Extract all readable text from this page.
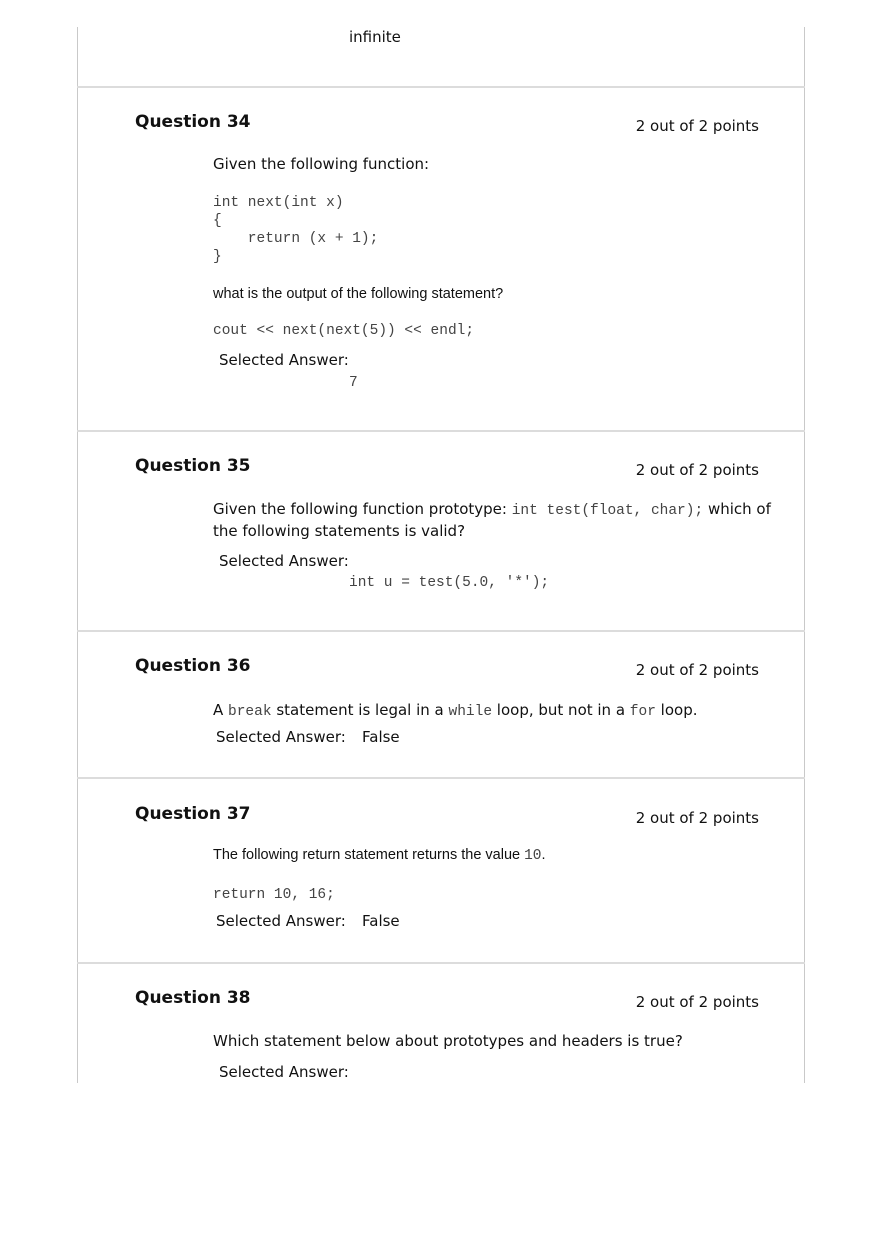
infinite
Question 34	2 out of 2 points
Given the following function:
int next(int x)
{
return (x + 1);
}
what is the output of the following statement?
cout << next(next(5)) << endl;
Selected Answer:
7
Question 35	2 out of 2 points
Given the following function prototype: int test(float, char); which of
the following statements is valid?
Selected Answer:
int u = test(5.0, '*');
Question 36	2 out of 2 points
A break statement is legal in a while loop, but not in a for loop.
Selected Answer: False
Question 37	2 out of 2 points
The following return statement returns the value 10.
return 10, 16;
Selected Answer: False
Question 38	2 out of 2 points
Which statement below about prototypes and headers is true?
Selected Answer:
